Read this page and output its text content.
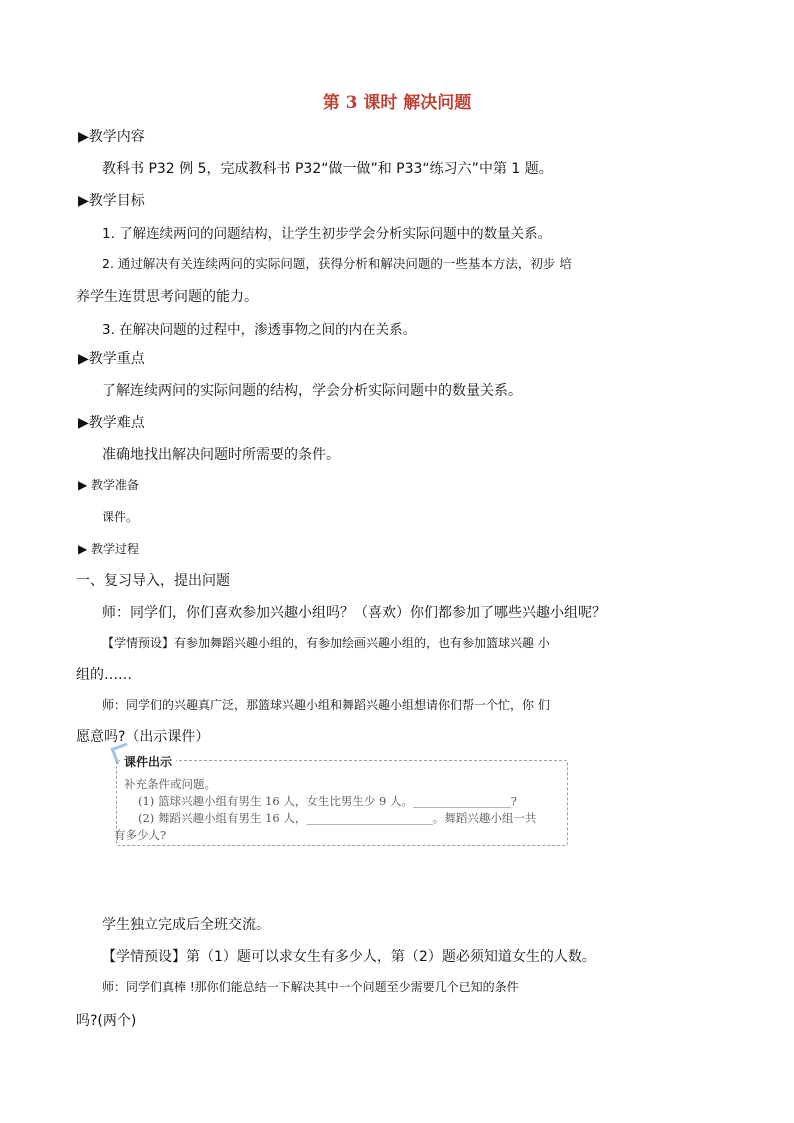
第 3 课时 解决问题
▶教学内容
教科书 P32 例 5，完成教科书 P32“做一做”和 P33“练习六”中第 1 题。
▶教学目标
1. 了解连续两问的问题结构，让学生初步学会分析实际问题中的数量关系。
2. 通过解决有关连续两问的实际问题，获得分析和解决问题的一些基本方法，初步 培
养学生连贯思考问题的能力。
3. 在解决问题的过程中，渗透事物之间的内在关系。
▶教学重点
了解连续两问的实际问题的结构，学会分析实际问题中的数量关系。
▶教学难点
准确地找出解决问题时所需要的条件。
▶ 教学准备
课件。
▶ 教学过程
一、复习导入，提出问题
师：同学们，你们喜欢参加兴趣小组吗？（喜欢）你们都参加了哪些兴趣小组呢？
【学情预设】有参加舞蹈兴趣小组的，有参加绘画兴趣小组的，也有参加篮球兴趣 小
组的……
师：同学们的兴趣真广泛，那篮球兴趣小组和舞蹈兴趣小组想请你们帮一个忙，你 们
愿意吗?（出示课件）
课件出示
补充条件或问题。
(1) 篮球兴趣小组有男生 16 人，女生比男生少 9 人。_________________?
(2) 舞蹈兴趣小组有男生 16 人，______________________。舞蹈兴趣小组一共
有多少人?
学生独立完成后全班交流。
【学情预设】第（1）题可以求女生有多少人，第（2）题必须知道女生的人数。
师：同学们真棒 !那你们能总结一下解决其中一个问题至少需要几个已知的条件
吗?(两个)
